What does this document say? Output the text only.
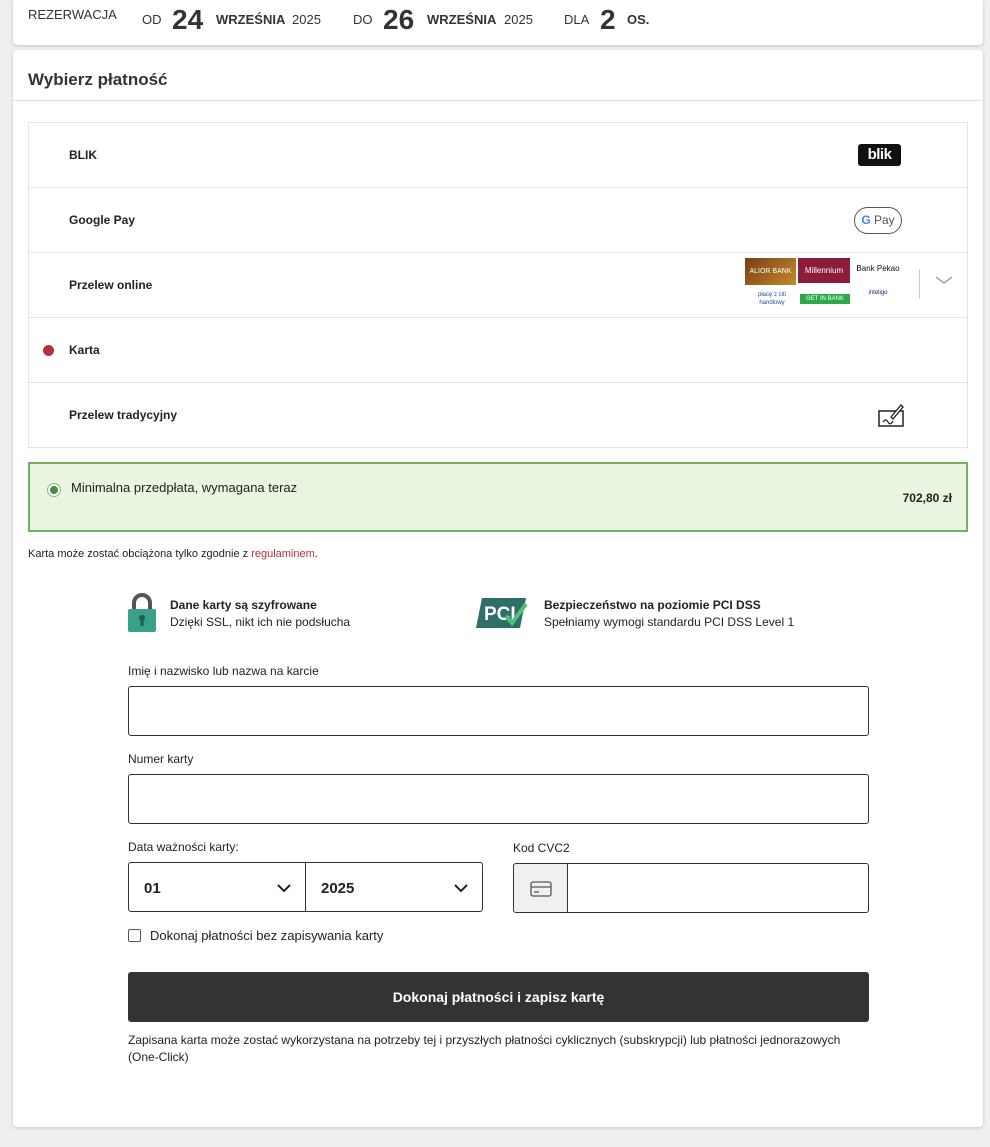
REZERWACJA OD 24 WRZEŚNIA 2025 DO 26 WRZEŚNIA 2025 DLA 2 OS.
Wybierz płatność
BLIK	blik
Google Pay	G Pay
Przelew online
ALIOR BANK	Millennium	Bank Pekao
płacę z citi handlowy
GET IN BANK
inteligo
Karta
Przelew tradycyjny
Minimalna przedpłata, wymagana teraz
702,80 zł
Karta może zostać obciążona tylko zgodnie z regulaminem.
Dane karty są szyfrowane
Dzięki SSL, nikt ich nie podsłucha	PCI Bezpieczeństwo na poziomie PCI DSS
Spełniamy wymogi standardu PCI DSS Level 1
Imię i nazwisko lub nazwa na karcie
Numer karty
Data ważności karty:
01	2025
Kod CVC2
Dokonaj płatności bez zapisywania karty
Dokonaj płatności i zapisz kartę
Zapisana karta może zostać wykorzystana na potrzeby tej i przyszłych płatności cyklicznych (subskrypcji) lub płatności jednorazowych (One-Click)
